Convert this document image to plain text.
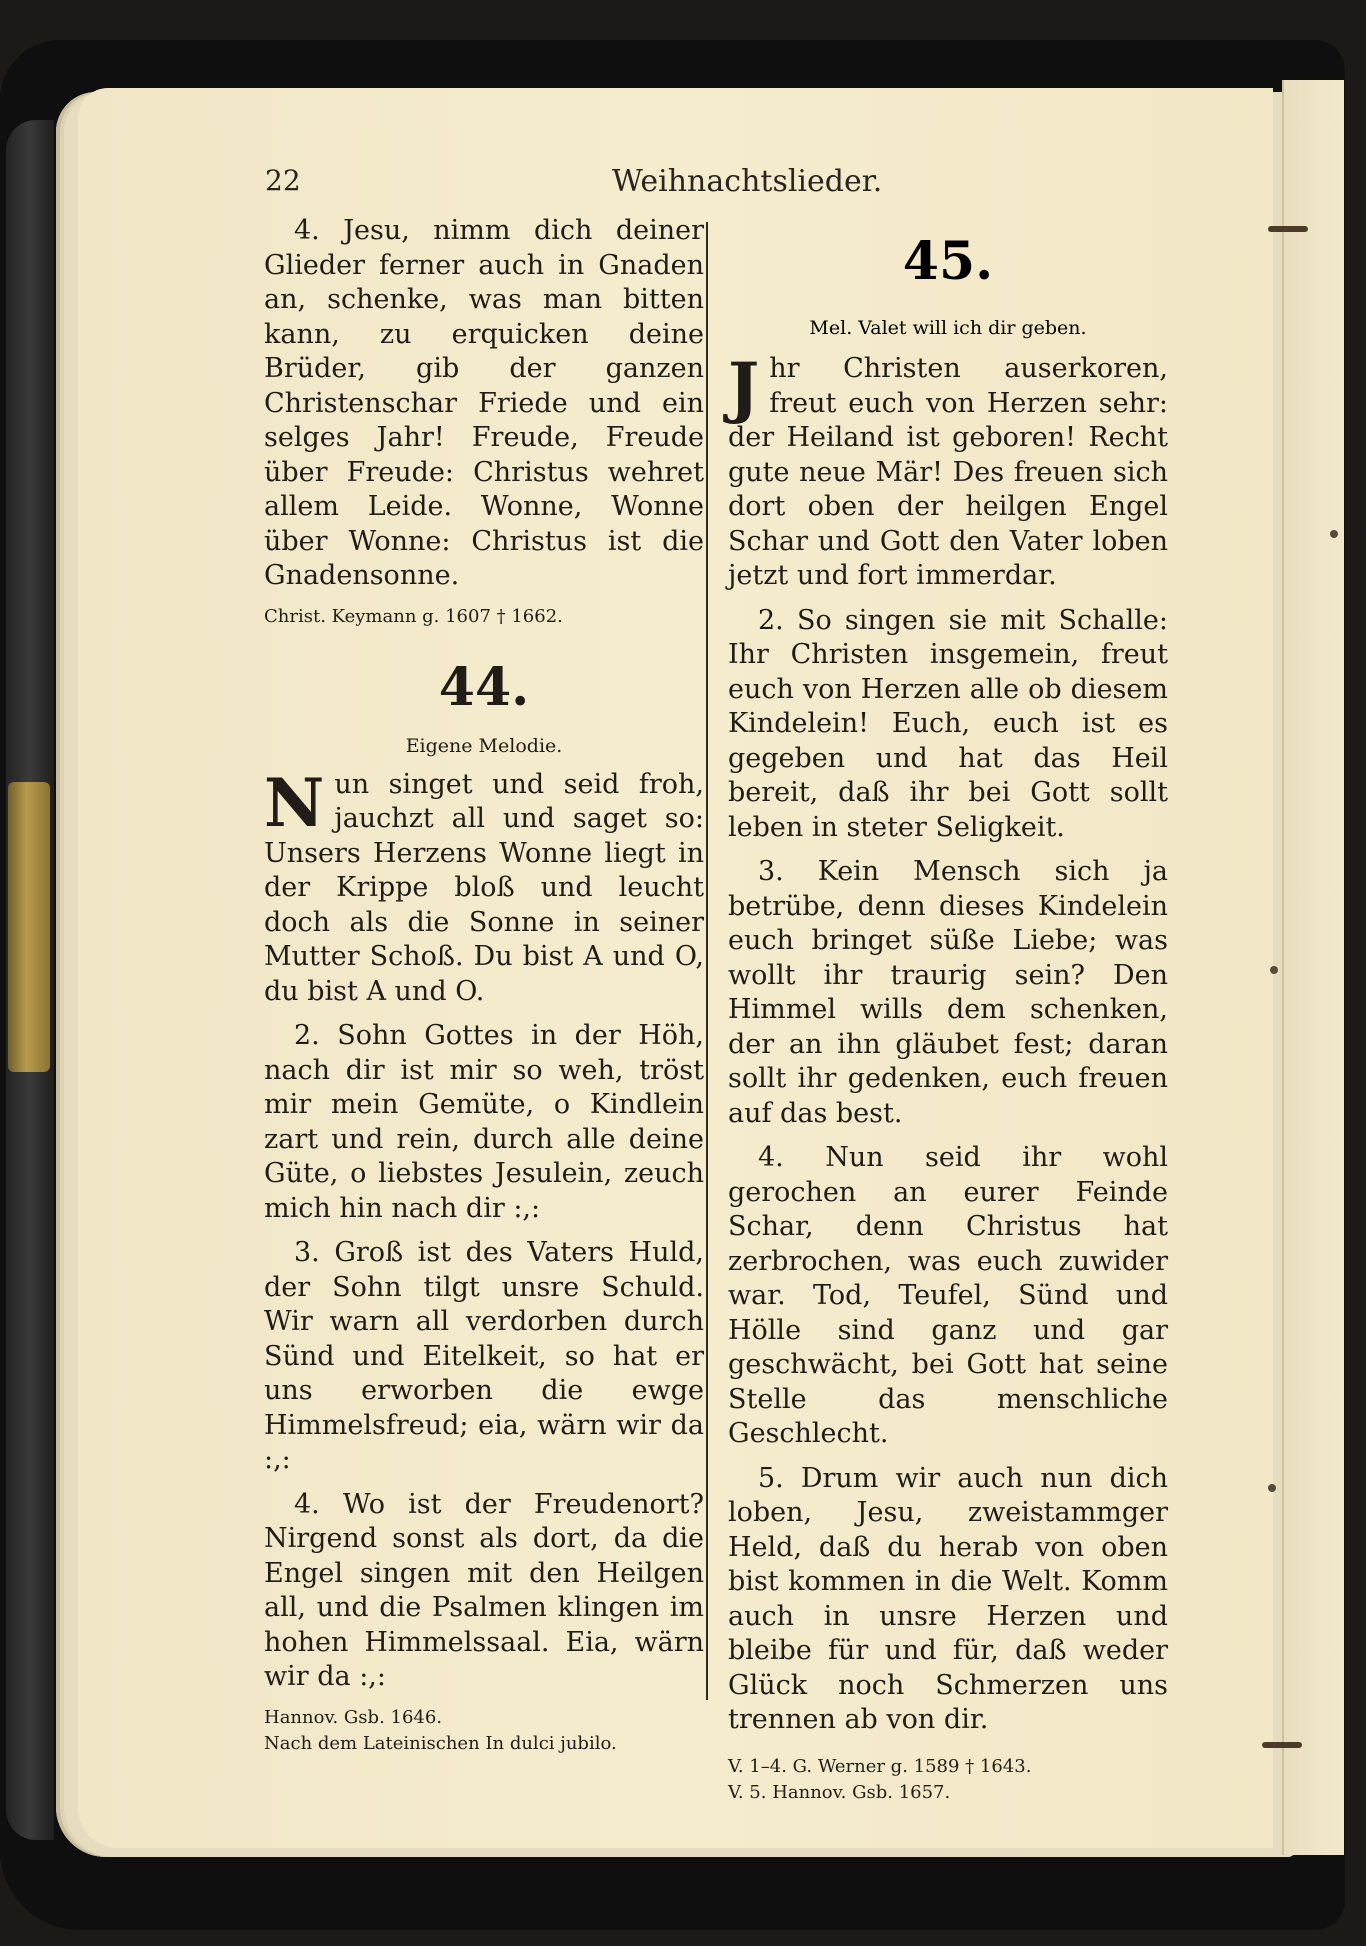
22	Weihnachtslieder.

4. Jesu, nimm dich deiner Glieder ferner auch in Gnaden an, schenke, was man bitten kann, zu erquicken deine Brüder, gib der ganzen Christenschar Friede und ein selges Jahr! Freude, Freude über Freude: Christus wehret allem Leide. Wonne, Wonne über Wonne: Christus ist die Gnadensonne.

Christ. Keymann g. 1607 † 1662.

44.
Eigene Melodie.

Nun singet und seid froh, jauchzt all und saget so: Unsers Herzens Wonne liegt in der Krippe bloß und leucht doch als die Sonne in seiner Mutter Schoß. Du bist A und O, du bist A und O.

2. Sohn Gottes in der Höh, nach dir ist mir so weh, tröst mir mein Gemüte, o Kindlein zart und rein, durch alle deine Güte, o liebstes Jesulein, zeuch mich hin nach dir :,:

3. Groß ist des Vaters Huld, der Sohn tilgt unsre Schuld. Wir warn all verdorben durch Sünd und Eitelkeit, so hat er uns erworben die ewge Himmelsfreud; eia, wärn wir da :,:

4. Wo ist der Freudenort? Nirgend sonst als dort, da die Engel singen mit den Heilgen all, und die Psalmen klingen im hohen Himmelssaal. Eia, wärn wir da :,:

Hannov. Gsb. 1646.

Nach dem Lateinischen In dulci jubilo.

45.
Mel. Valet will ich dir geben.

Jhr Christen auserkoren, freut euch von Herzen sehr: der Heiland ist geboren! Recht gute neue Mär! Des freuen sich dort oben der heilgen Engel Schar und Gott den Vater loben jetzt und fort immerdar.

2. So singen sie mit Schalle: Ihr Christen insgemein, freut euch von Herzen alle ob diesem Kindelein! Euch, euch ist es gegeben und hat das Heil bereit, daß ihr bei Gott sollt leben in steter Seligkeit.

3. Kein Mensch sich ja betrübe, denn dieses Kindelein euch bringet süße Liebe; was wollt ihr traurig sein? Den Himmel wills dem schenken, der an ihn gläubet fest; daran sollt ihr gedenken, euch freuen auf das best.

4. Nun seid ihr wohl gerochen an eurer Feinde Schar, denn Christus hat zerbrochen, was euch zuwider war. Tod, Teufel, Sünd und Hölle sind ganz und gar geschwächt, bei Gott hat seine Stelle das menschliche Geschlecht.

5. Drum wir auch nun dich loben, Jesu, zweistammger Held, daß du herab von oben bist kommen in die Welt. Komm auch in unsre Herzen und bleibe für und für, daß weder Glück noch Schmerzen uns trennen ab von dir.

V. 1–4. G. Werner g. 1589 † 1643.

V. 5. Hannov. Gsb. 1657.
